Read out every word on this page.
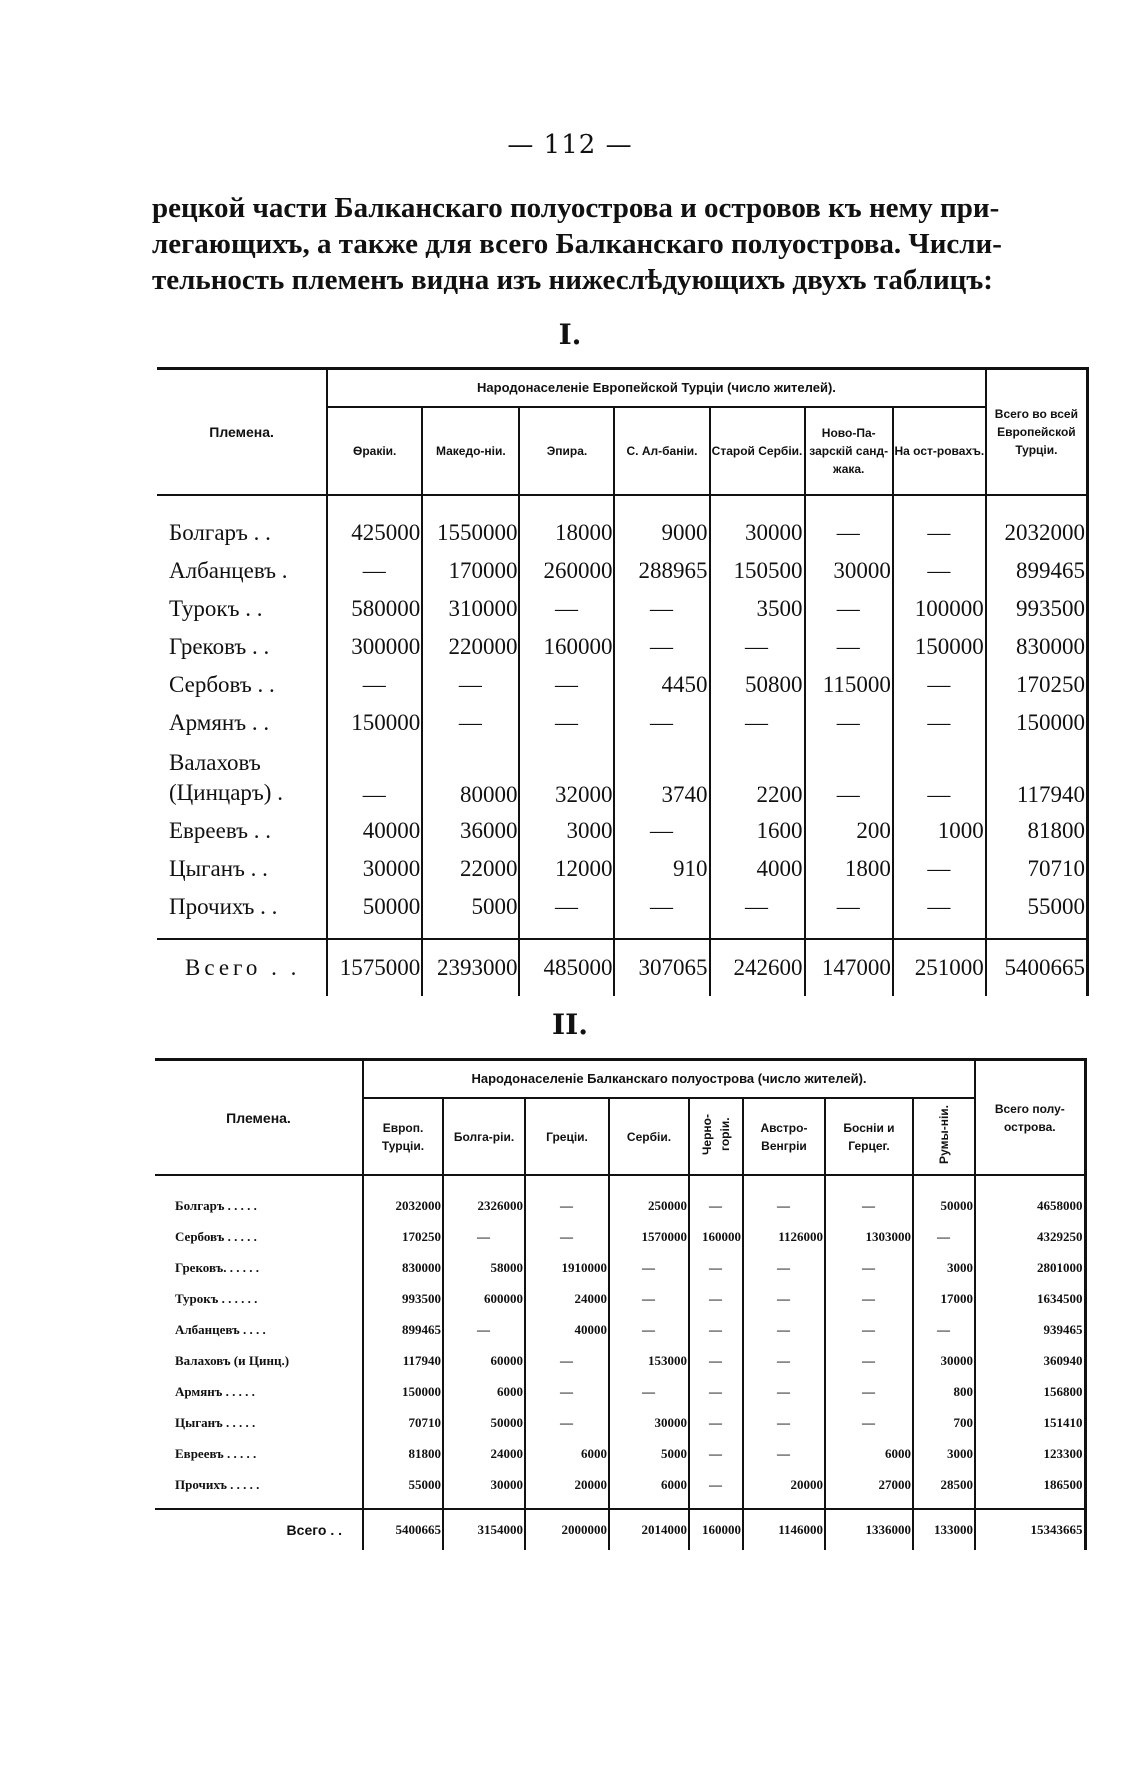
— 112 —
рецкой части Балканскаго полуострова и островов къ нему при-
легающихъ, а также для всего Балканскаго полуострова. Числи-
тельность племенъ видна изъ нижеслѣдующихъ двухъ таблицъ:
I.
Племена.	Народонаселеніе Европейской Турціи (число жителей).							Всего во всей Европейской Турціи.
	Ѳракіи.	Македо-ніи.	Эпира.	С. Ал-баніи.	Старой Сербіи.	Ново-Па-зарскій санд-жака.	На ост-ровахъ.	
Болгаръ . .	425000	1550000	18000	9000	30000	—	—	2032000
Албанцевъ .	—	170000	260000	288965	150500	30000	—	899465
Турокъ . .	580000	310000	—	—	3500	—	100000	993500
Грековъ . .	300000	220000	160000	—	—	—	150000	830000
Сербовъ . .	—	—	—	4450	50800	115000	—	170250
Армянъ . .	150000	—	—	—	—	—	—	150000
Валаховъ (Цинцаръ) .	—	80000	32000	3740	2200	—	—	117940
Евреевъ . .	40000	36000	3000	—	1600	200	1000	81800
Цыганъ . .	30000	22000	12000	910	4000	1800	—	70710
Прочихъ . .	50000	5000	—	—	—	—	—	55000

Всего . .	1575000	2393000	485000	307065	242600	147000	251000	5400665
II.
Племена.	Народонаселеніе Балканскаго полуострова (число жителей).								Всего полу-острова.
	Европ. Турціи.	Болга-ріи.	Греціи.	Сербіи.	Черно-горіи.	Австро-Венгріи	Босніи и Герцег.	Румы-ніи.	
Болгаръ . . . . .	2032000	2326000	—	250000	—	—	—	50000	4658000
Сербовъ . . . . .	170250	—	—	1570000	160000	1126000	1303000	—	4329250
Грековъ. . . . . .	830000	58000	1910000	—	—	—	—	3000	2801000
Турокъ . . . . . .	993500	600000	24000	—	—	—	—	17000	1634500
Албанцевъ . . . .	899465	—	40000	—	—	—	—	—	939465
Валаховъ (и Цинц.)	117940	60000	—	153000	—	—	—	30000	360940
Армянъ . . . . .	150000	6000	—	—	—	—	—	800	156800
Цыганъ . . . . .	70710	50000	—	30000	—	—	—	700	151410
Евреевъ . . . . .	81800	24000	6000	5000	—	—	6000	3000	123300
Прочихъ . . . . .	55000	30000	20000	6000	—	20000	27000	28500	186500

Всего . .	5400665	3154000	2000000	2014000	160000	1146000	1336000	133000	15343665
